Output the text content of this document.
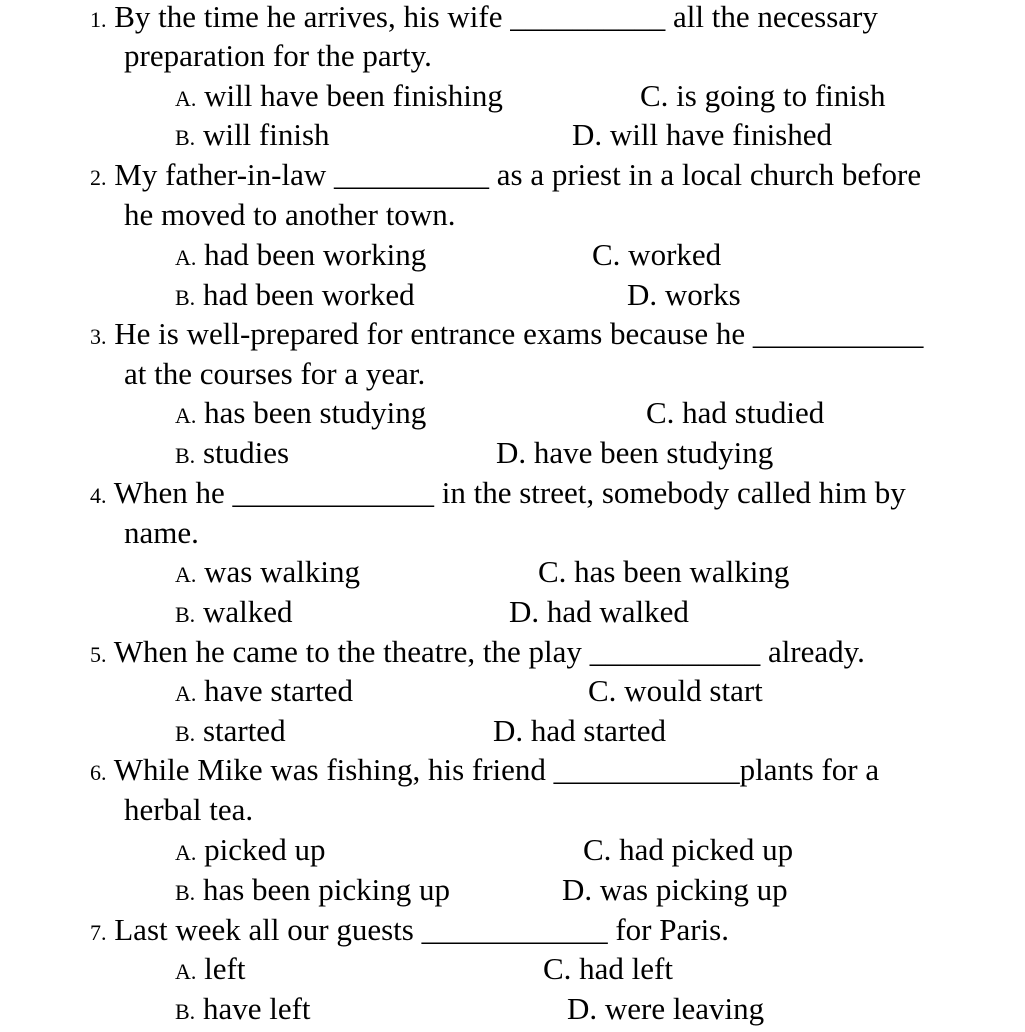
1. By the time he arrives, his wife __________ all the necessary
preparation for the party.
A. will have been finishing	C. is going to finish
B. will finish	D. will have finished
2. My father-in-law __________ as a priest in a local church before
he moved to another town.
A. had been working	C. worked
B. had been worked	D. works
3. He is well-prepared for entrance exams because he ___________
at the courses for a year.
A. has been studying	C. had studied
B. studies	D. have been studying
4. When he _____________ in the street, somebody called him by
name.
A. was walking	C. has been walking
B. walked	D. had walked
5. When he came to the theatre, the play ___________ already.
A. have started	C. would start
B. started	D. had started
6. While Mike was fishing, his friend ____________plants for a
herbal tea.
A. picked up	C. had picked up
B. has been picking up	D. was picking up
7. Last week all our guests ____________ for Paris.
A. left	C. had left
B. have left	D. were leaving
